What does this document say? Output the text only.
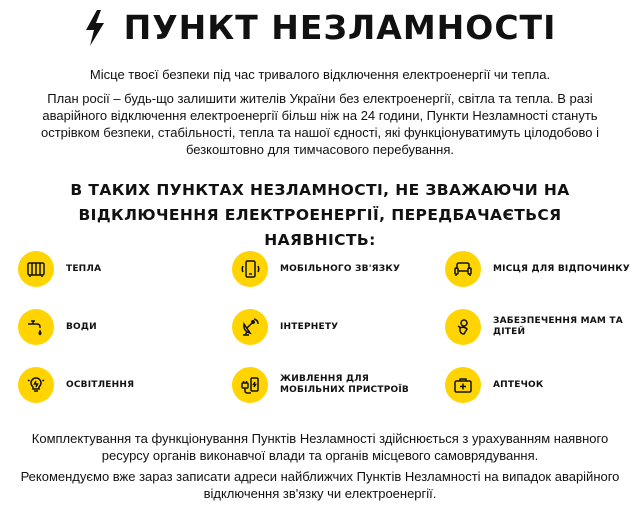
ПУНКТ НЕЗЛАМНОСТІ

Місце твоєї безпеки під час тривалого відключення електроенергії чи тепла.

План росії – будь-що залишити жителів України без електроенергії, світла та тепла. В разі аварійного відключення електроенергії більш ніж на 24 години, Пункти Незламності стануть острівком безпеки, стабільності, тепла та нашої єдності, які функціонуватимуть цілодобово і безкоштовно для тимчасового перебування.

В ТАКИХ ПУНКТАХ НЕЗЛАМНОСТІ, НЕ ЗВАЖАЮЧИ НА ВІДКЛЮЧЕННЯ ЕЛЕКТРОЕНЕРГІЇ, ПЕРЕДБАЧАЄТЬСЯ НАЯВНІСТЬ:
ТЕПЛА	МОБІЛЬНОГО ЗВ'ЯЗКУ	МІСЦЯ ДЛЯ ВІДПОЧИНКУ
ВОДИ	ІНТЕРНЕТУ
ЗАБЕЗПЕЧЕННЯ МАМ ТА ДІТЕЙ
ОСВІТЛЕННЯ
ЖИВЛЕННЯ ДЛЯ МОБІЛЬНИХ ПРИСТРОЇВ
АПТЕЧОК

Комплектування та функціонування Пунктів Незламності здійснюється з урахуванням наявного ресурсу органів виконавчої влади та органів місцевого самоврядування.

Рекомендуємо вже зараз записати адреси найближчих Пунктів Незламності на випадок аварійного відключення зв'язку чи електроенергії.
